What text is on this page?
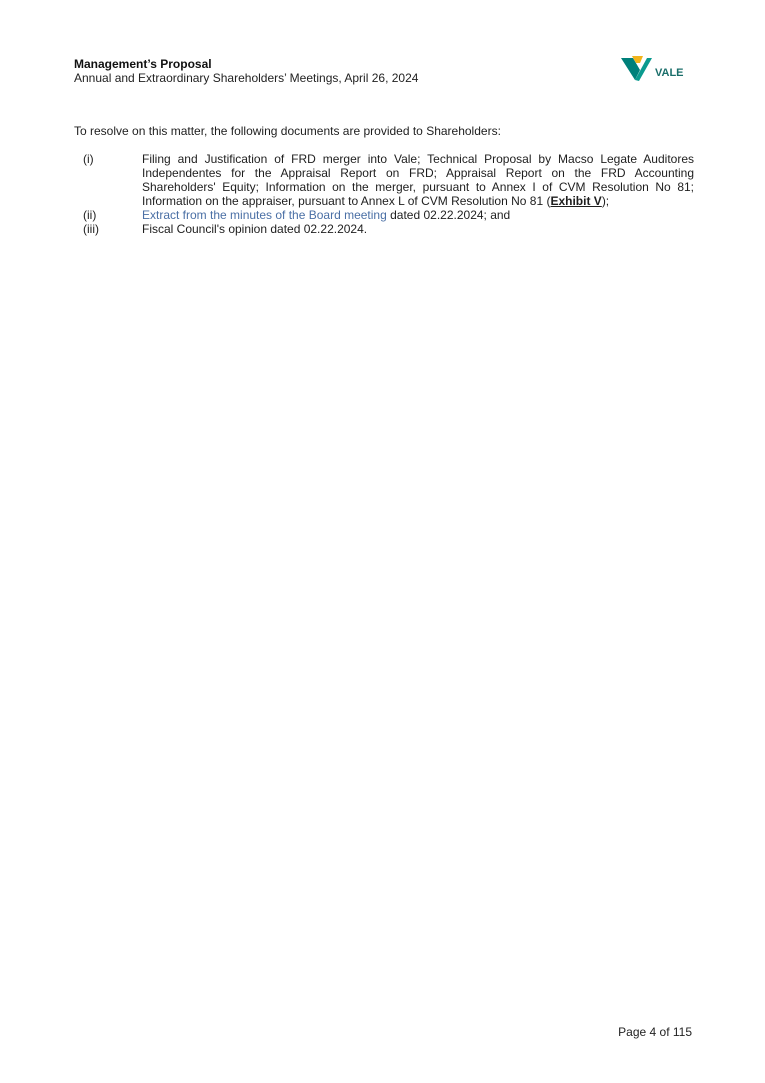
Management’s Proposal
Annual and Extraordinary Shareholders’ Meetings, April 26, 2024	VALE
To resolve on this matter, the following documents are provided to Shareholders:
(i)	Filing and Justification of FRD merger into Vale; Technical Proposal by Macso Legate Auditores Independentes for the Appraisal Report on FRD; Appraisal Report on the FRD Accounting Shareholders' Equity; Information on the merger, pursuant to Annex I of CVM Resolution No 81; Information on the appraiser, pursuant to Annex L of CVM Resolution No 81 (Exhibit V);
(ii)	Extract from the minutes of the Board meeting dated 02.22.2024; and
(iii)	Fiscal Council's opinion dated 02.22.2024.
Page 4 of 115
